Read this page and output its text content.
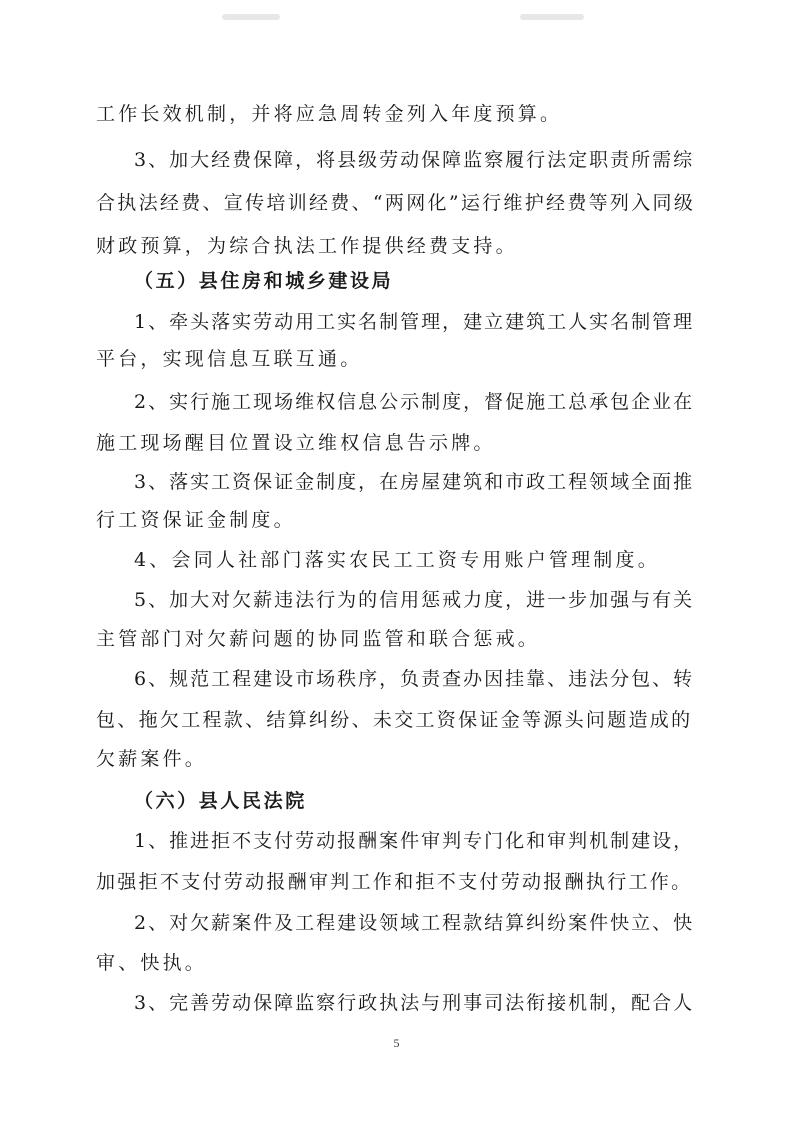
工作长效机制，并将应急周转金列入年度预算。
3、加大经费保障，将县级劳动保障监察履行法定职责所需综
合执法经费、宣传培训经费、“两网化”运行维护经费等列入同级
财政预算，为综合执法工作提供经费支持。
（五）县住房和城乡建设局
1、牵头落实劳动用工实名制管理，建立建筑工人实名制管理
平台，实现信息互联互通。
2、实行施工现场维权信息公示制度，督促施工总承包企业在
施工现场醒目位置设立维权信息告示牌。
3、落实工资保证金制度，在房屋建筑和市政工程领域全面推
行工资保证金制度。
4、会同人社部门落实农民工工资专用账户管理制度。
5、加大对欠薪违法行为的信用惩戒力度，进一步加强与有关
主管部门对欠薪问题的协同监管和联合惩戒。
6、规范工程建设市场秩序，负责查办因挂靠、违法分包、转
包、拖欠工程款、结算纠纷、未交工资保证金等源头问题造成的
欠薪案件。
（六）县人民法院
1、推进拒不支付劳动报酬案件审判专门化和审判机制建设，
加强拒不支付劳动报酬审判工作和拒不支付劳动报酬执行工作。
2、对欠薪案件及工程建设领域工程款结算纠纷案件快立、快
审、快执。
3、完善劳动保障监察行政执法与刑事司法衔接机制，配合人
5
